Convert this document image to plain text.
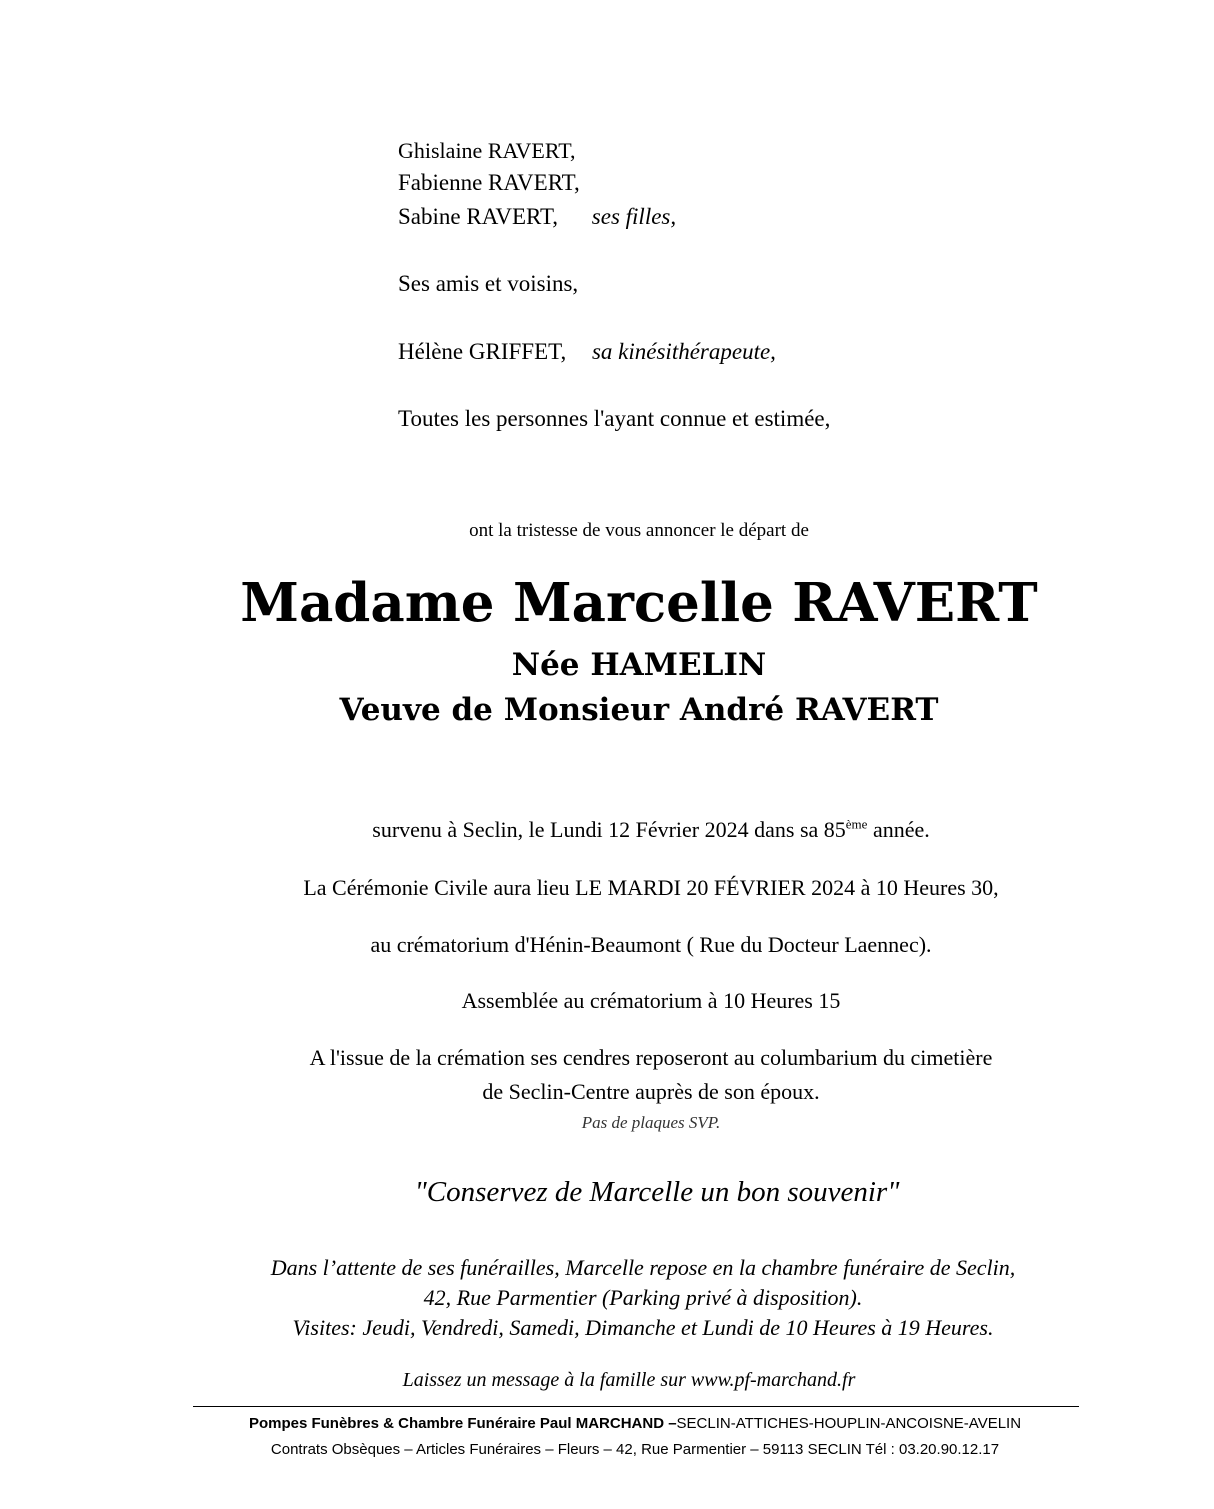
Ghislaine RAVERT,
Fabienne RAVERT,
Sabine RAVERT, ses filles,
Ses amis et voisins,
Hélène GRIFFET, sa kinésithérapeute,
Toutes les personnes l'ayant connue et estimée,
ont la tristesse de vous annoncer le départ de
Madame Marcelle RAVERT
Née HAMELIN
Veuve de Monsieur André RAVERT
survenu à Seclin, le Lundi 12 Février 2024 dans sa 85ème année.
La Cérémonie Civile aura lieu LE MARDI 20 FÉVRIER 2024 à 10 Heures 30,
au crématorium d'Hénin-Beaumont ( Rue du Docteur Laennec).
Assemblée au crématorium à 10 Heures 15
A l'issue de la crémation ses cendres reposeront au columbarium du cimetière
de Seclin-Centre auprès de son époux.
Pas de plaques SVP.
"Conservez de Marcelle un bon souvenir"
Dans l’attente de ses funérailles, Marcelle repose en la chambre funéraire de Seclin,
42, Rue Parmentier (Parking privé à disposition).
Visites: Jeudi, Vendredi, Samedi, Dimanche et Lundi de 10 Heures à 19 Heures.
Laissez un message à la famille sur www.pf-marchand.fr
Pompes Funèbres & Chambre Funéraire Paul MARCHAND –SECLIN-ATTICHES-HOUPLIN-ANCOISNE-AVELIN
Contrats Obsèques – Articles Funéraires – Fleurs – 42, Rue Parmentier – 59113 SECLIN Tél : 03.20.90.12.17
